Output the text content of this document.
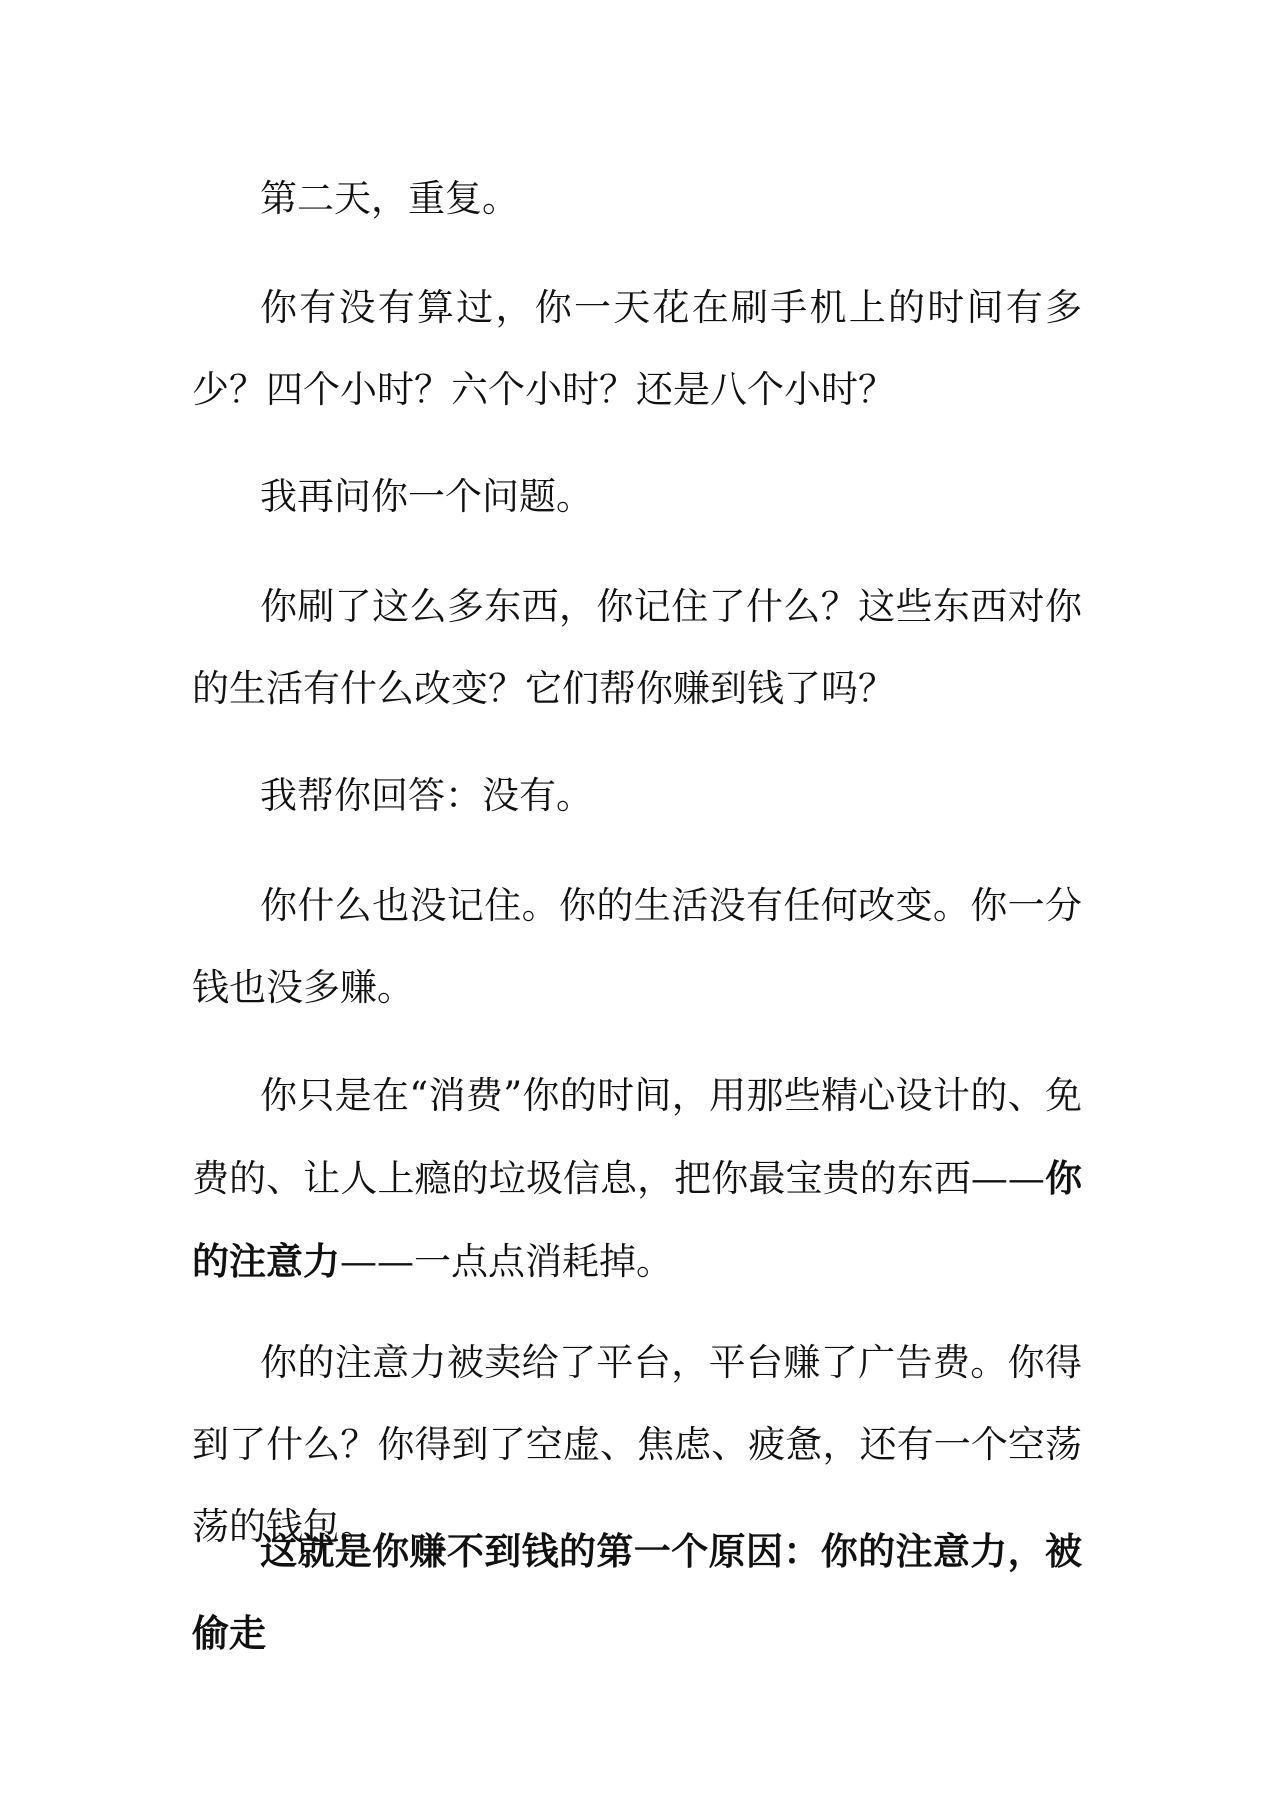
第二天，重复。

你有没有算过，你一天花在刷手机上的时间有多少？四个小时？六个小时？还是八个小时？

我再问你一个问题。

你刷了这么多东西，你记住了什么？这些东西对你的生活有什么改变？它们帮你赚到钱了吗？

我帮你回答：没有。

你什么也没记住。你的生活没有任何改变。你一分钱也没多赚。

你只是在“消费”你的时间，用那些精心设计的、免费的、让人上瘾的垃圾信息，把你最宝贵的东西——你的注意力——一点点消耗掉。

你的注意力被卖给了平台，平台赚了广告费。你得到了什么？你得到了空虚、焦虑、疲惫，还有一个空荡荡的钱包。

这就是你赚不到钱的第一个原因：你的注意力，被偷走
